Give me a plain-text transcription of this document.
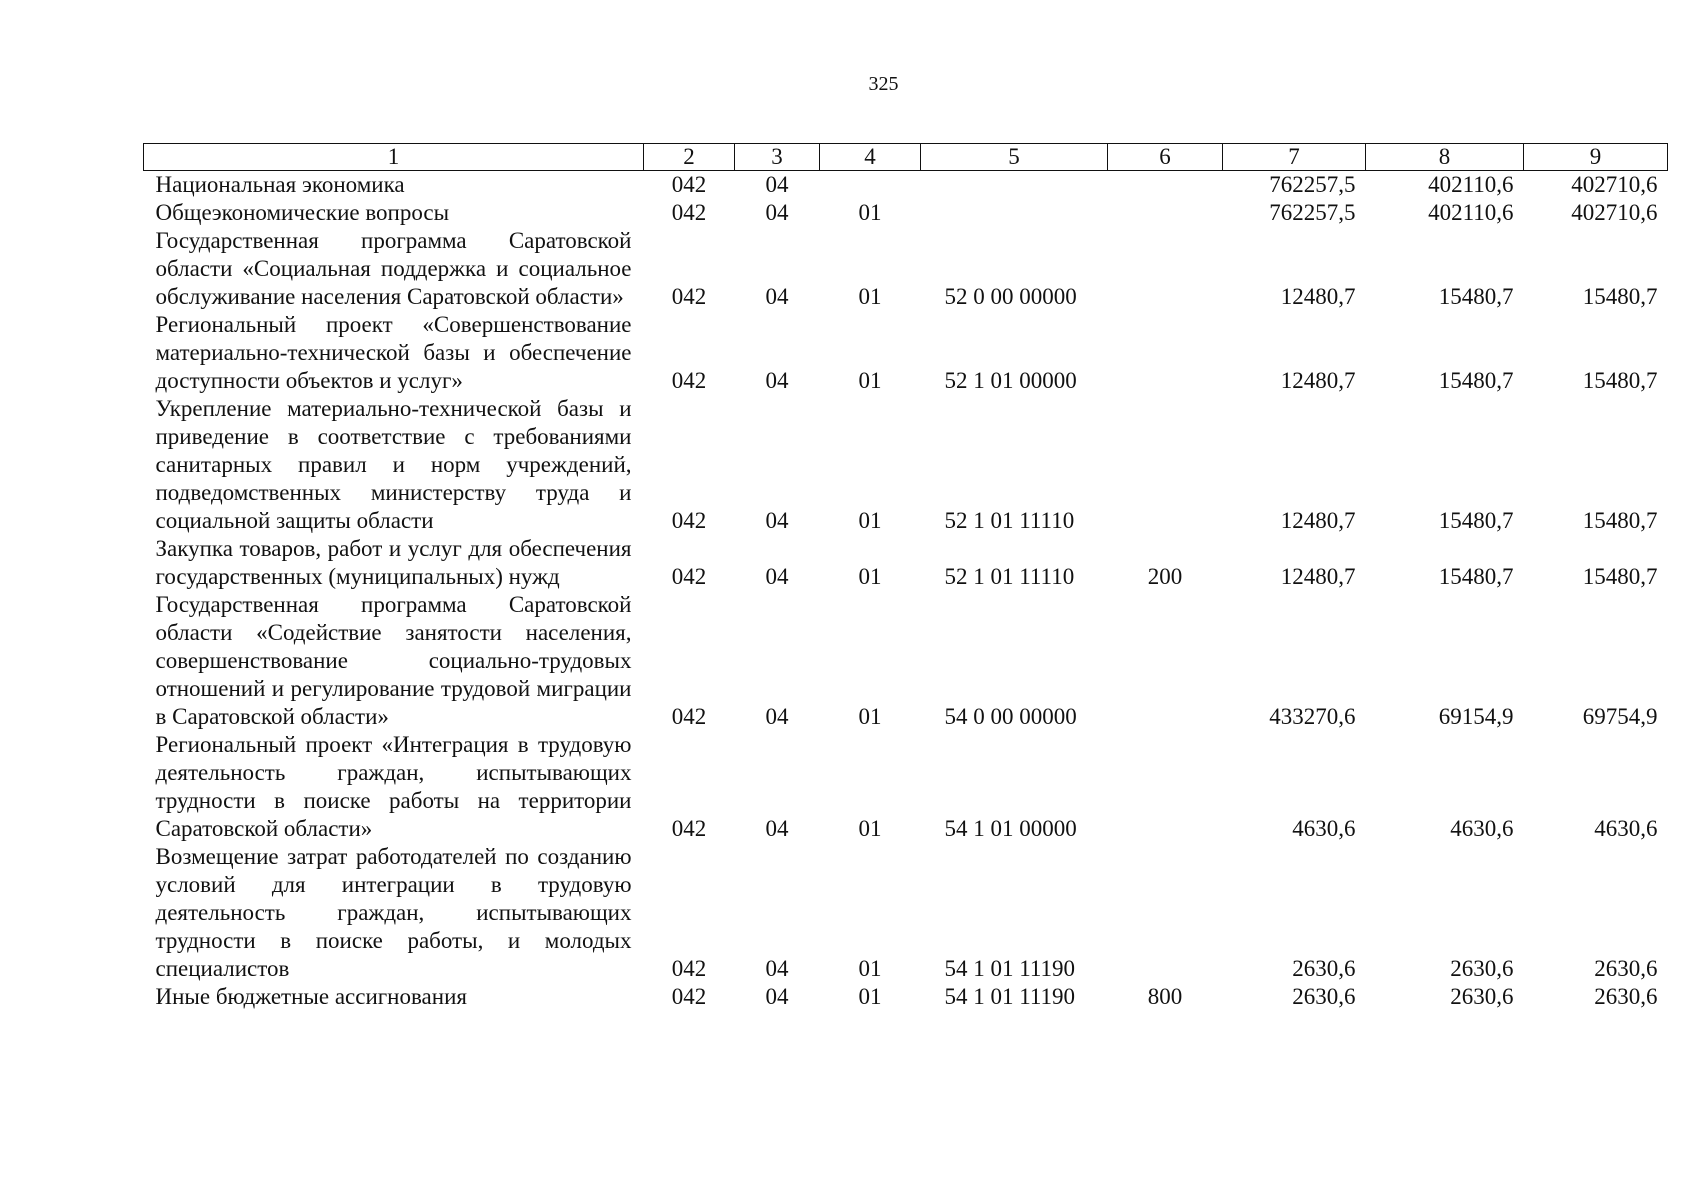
325
1	2	3	4	5	6	7	8	9
Национальная экономика	042	04				762257,5	402110,6	402710,6
Общеэкономические вопросы	042	04	01			762257,5	402110,6	402710,6
Государственная программа Саратовской области «Социальная поддержка и социальное обслуживание населения Саратовской области»	042	04	01	52 0 00 00000		12480,7	15480,7	15480,7
Региональный проект «Совершенствование материально-технической базы и обеспечение доступности объектов и услуг»	042	04	01	52 1 01 00000		12480,7	15480,7	15480,7
Укрепление материально-технической базы и приведение в соответствие с требованиями санитарных правил и норм учреждений, подведомственных министерству труда и социальной защиты области	042	04	01	52 1 01 11110		12480,7	15480,7	15480,7
Закупка товаров, работ и услуг для обеспечения государственных (муниципальных) нужд	042	04	01	52 1 01 11110	200	12480,7	15480,7	15480,7
Государственная программа Саратовской области «Содействие занятости населения, совершенствование социально-трудовых отношений и регулирование трудовой миграции в Саратовской области»	042	04	01	54 0 00 00000		433270,6	69154,9	69754,9
Региональный проект «Интеграция в трудовую деятельность граждан, испытывающих трудности в поиске работы на территории Саратовской области»	042	04	01	54 1 01 00000		4630,6	4630,6	4630,6
Возмещение затрат работодателей по созданию условий для интеграции в трудовую деятельность граждан, испытывающих трудности в поиске работы, и молодых специалистов	042	04	01	54 1 01 11190		2630,6	2630,6	2630,6
Иные бюджетные ассигнования	042	04	01	54 1 01 11190	800	2630,6	2630,6	2630,6
